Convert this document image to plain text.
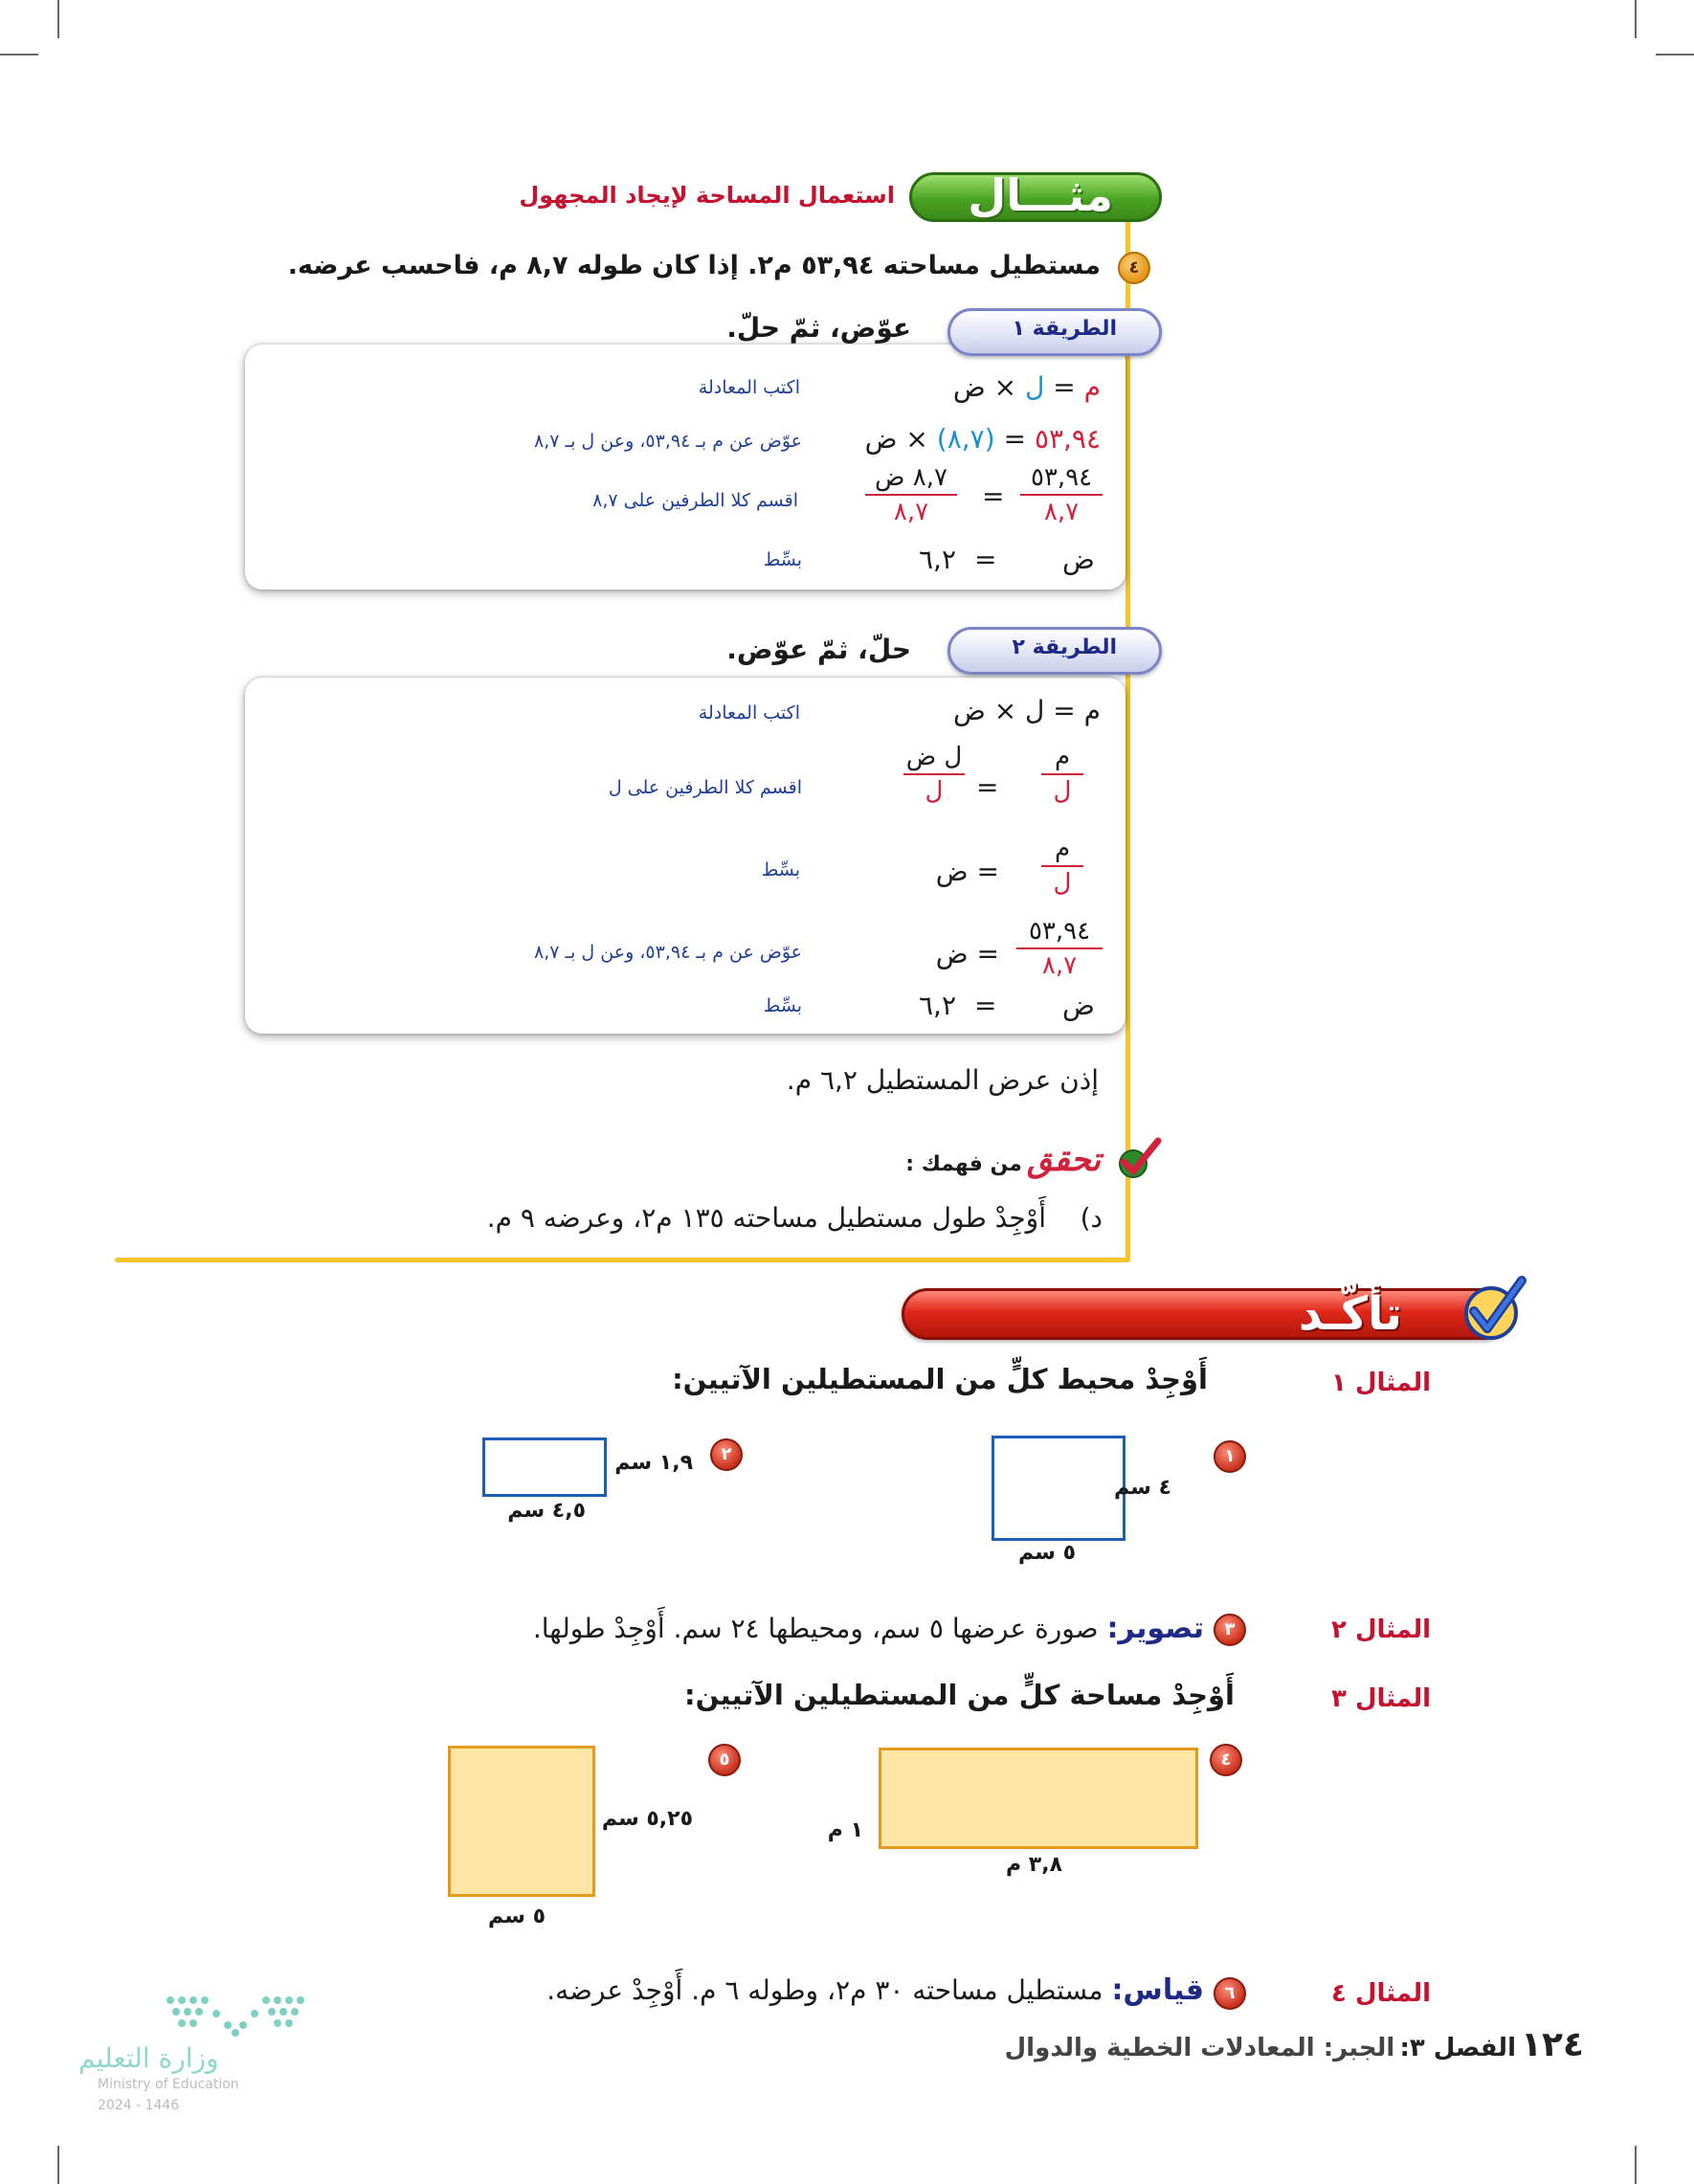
مثـــال
استعمال المساحة لإيجاد المجهول
٤
مستطيل مساحته ٥٣,٩٤ م٢. إذا كان طوله ٨,٧ م، فاحسب عرضه.
الطريقة ١
عوّض، ثمّ حلّ.
م = ل × ض
اكتب المعادلة
٥٣,٩٤ = (٨,٧) × ض
عوّض عن م بـ ٥٣,٩٤، وعن ل بـ ٨,٧
٥٣,٩٤
٨,٧
=
٨,٧ ض
٨,٧
اقسم كلا الطرفين على ٨,٧
ض
=
٦,٢
بسِّط
الطريقة ٢
حلّ، ثمّ عوّض.
م = ل × ض
اكتب المعادلة
م
ل
=
ل ض
ل
اقسم كلا الطرفين على ل
م
ل
= ض
بسِّط
٥٣,٩٤
٨,٧
= ض
عوّض عن م بـ ٥٣,٩٤، وعن ل بـ ٨,٧
ض
=
٦,٢
بسِّط
إذن عرض المستطيل ٦,٢ م.
تحقق من فهمك :
د)    أَوْجِدْ طول مستطيل مساحته ١٣٥ م٢، وعرضه ٩ م.
تأكّـد
المثال ١
أَوْجِدْ محيط كلٍّ من المستطيلين الآتيين:
١
٤ سم
٥ سم
٢
١,٩ سم
٤,٥ سم
المثال ٢
٣
تصوير: صورة عرضها ٥ سم، ومحيطها ٢٤ سم. أَوْجِدْ طولها.
المثال ٣
أَوْجِدْ مساحة كلٍّ من المستطيلين الآتيين:
٤
١ م
٣,٨ م
٥
٥,٢٥ سم
٥ سم
المثال ٤
٦
قياس: مستطيل مساحته ٣٠ م٢، وطوله ٦ م. أَوْجِدْ عرضه.
وزارة التعليم
Ministry of Education
2024 - 1446
١٢٤ الفصل ٣: الجبر: المعادلات الخطية والدوال
